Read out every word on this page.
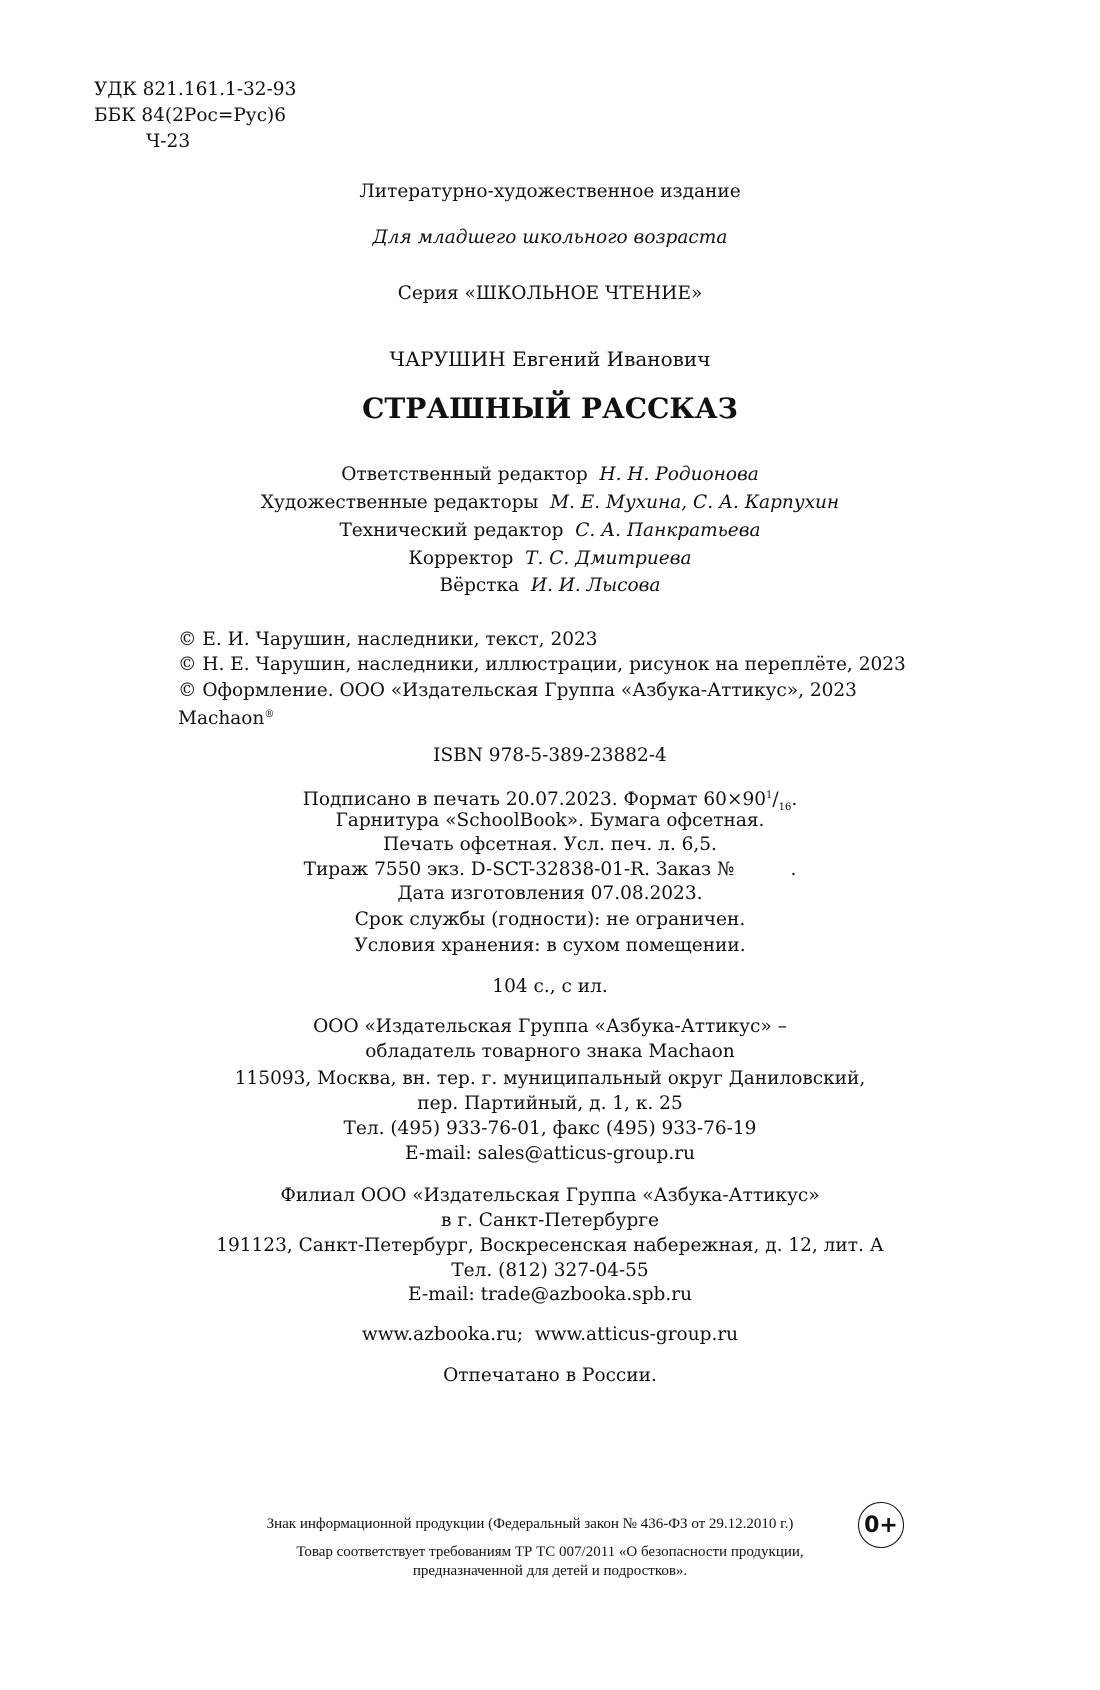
УДК 821.161.1-32-93
ББК 84(2Рос=Рус)6
Ч-23
Литературно-художественное издание
Для младшего школьного возраста
Серия «ШКОЛЬНОЕ ЧТЕНИЕ»
ЧАРУШИН Евгений Иванович
СТРАШНЫЙ РАССКАЗ
Ответственный редактор Н. Н. Родионова
Художественные редакторы М. Е. Мухина, С. А. Карпухин
Технический редактор С. А. Панкратьева
Корректор Т. С. Дмитриева
Вёрстка И. И. Лысова
© Е. И. Чарушин, наследники, текст, 2023
© Н. Е. Чарушин, наследники, иллюстрации, рисунок на переплёте, 2023
© Оформление. ООО «Издательская Группа «Азбука-Аттикус», 2023
Machaon®
ISBN 978-5-389-23882-4
Подписано в печать 20.07.2023. Формат $60\times 90^1/_{16}$.
Гарнитура «SchoolBook». Бумага офсетная.
Печать офсетная. Усл. печ. л. 6,5.
Тираж 7550 экз. D-SCT-32838-01-R. Заказ №	.
Дата изготовления 07.08.2023.
Срок службы (годности): не ограничен.
Условия хранения: в сухом помещении.
104 с., с ил.
ООО «Издательская Группа «Азбука-Аттикус» –
обладатель товарного знака Machaon
115093, Москва, вн. тер. г. муниципальный округ Даниловский,
пер. Партийный, д. 1, к. 25
Тел. (495) 933-76-01, факс (495) 933-76-19
E-mail: sales@atticus-group.ru
Филиал ООО «Издательская Группа «Азбука-Аттикус»
в г. Санкт-Петербурге
191123, Санкт-Петербург, Воскресенская набережная, д. 12, лит. А
Тел. (812) 327-04-55
E-mail: trade@azbooka.spb.ru
www.azbooka.ru;  www.atticus-group.ru
Отпечатано в России.
Знак информационной продукции (Федеральный закон № 436-ФЗ от 29.12.2010 г.)	0+
Товар соответствует требованиям ТР ТС 007/2011 «О безопасности продукции,
предназначенной для детей и подростков».
